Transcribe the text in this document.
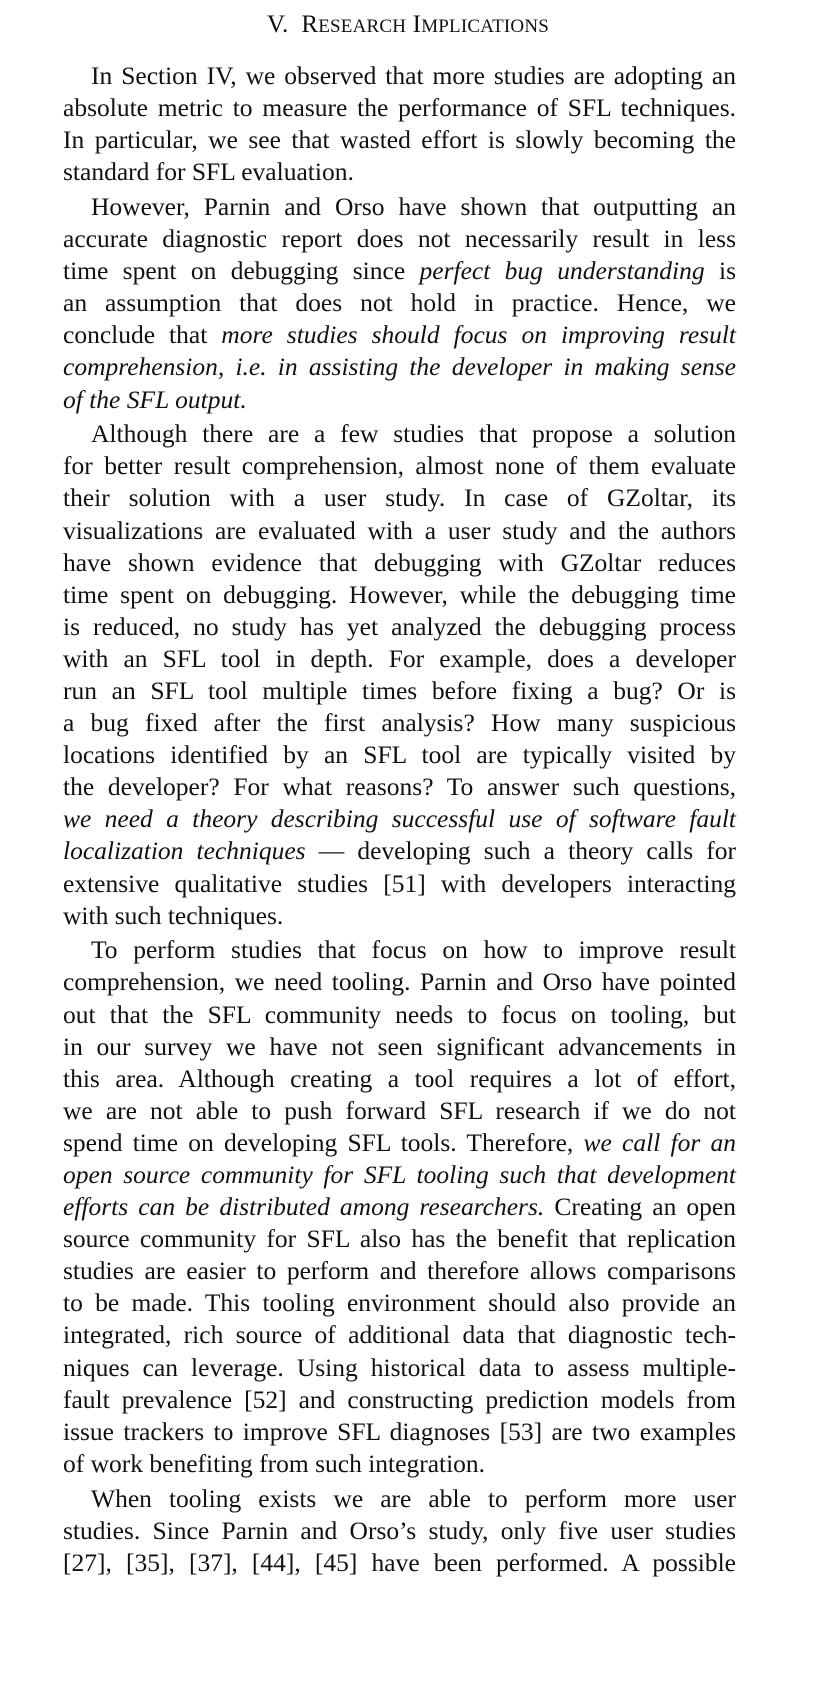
V. RESEARCH IMPLICATIONS
In Section IV, we observed that more studies are adopting an
absolute metric to measure the performance of SFL techniques.
In particular, we see that wasted effort is slowly becoming the
standard for SFL evaluation.
However, Parnin and Orso have shown that outputting an
accurate diagnostic report does not necessarily result in less
time spent on debugging since perfect bug understanding is
an assumption that does not hold in practice. Hence, we
conclude that more studies should focus on improving result
comprehension, i.e. in assisting the developer in making sense
of the SFL output.
Although there are a few studies that propose a solution
for better result comprehension, almost none of them evaluate
their solution with a user study. In case of GZoltar, its
visualizations are evaluated with a user study and the authors
have shown evidence that debugging with GZoltar reduces
time spent on debugging. However, while the debugging time
is reduced, no study has yet analyzed the debugging process
with an SFL tool in depth. For example, does a developer
run an SFL tool multiple times before fixing a bug? Or is
a bug fixed after the first analysis? How many suspicious
locations identified by an SFL tool are typically visited by
the developer? For what reasons? To answer such questions,
we need a theory describing successful use of software fault
localization techniques — developing such a theory calls for
extensive qualitative studies [51] with developers interacting
with such techniques.
To perform studies that focus on how to improve result
comprehension, we need tooling. Parnin and Orso have pointed
out that the SFL community needs to focus on tooling, but
in our survey we have not seen significant advancements in
this area. Although creating a tool requires a lot of effort,
we are not able to push forward SFL research if we do not
spend time on developing SFL tools. Therefore, we call for an
open source community for SFL tooling such that development
efforts can be distributed among researchers. Creating an open
source community for SFL also has the benefit that replication
studies are easier to perform and therefore allows comparisons
to be made. This tooling environment should also provide an
integrated, rich source of additional data that diagnostic tech-
niques can leverage. Using historical data to assess multiple-
fault prevalence [52] and constructing prediction models from
issue trackers to improve SFL diagnoses [53] are two examples
of work benefiting from such integration.
When tooling exists we are able to perform more user
studies. Since Parnin and Orso’s study, only five user studies
[27], [35], [37], [44], [45] have been performed. A possible
